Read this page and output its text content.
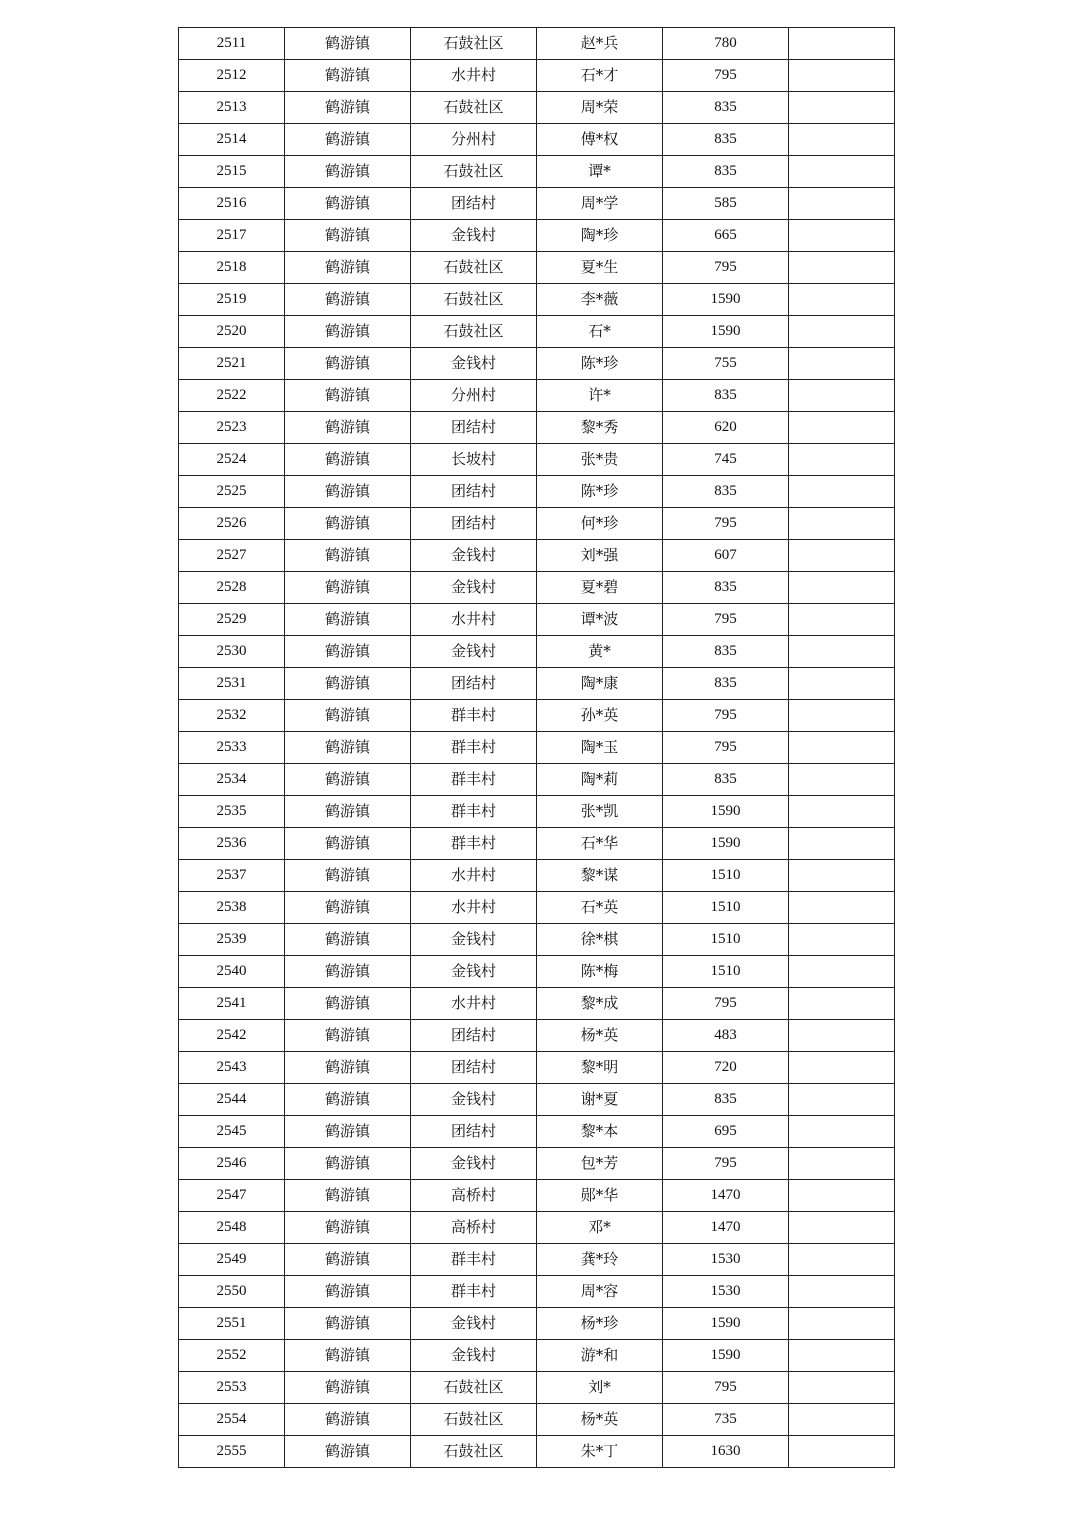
2511	鹤游镇	石鼓社区	赵*兵	780	
2512	鹤游镇	水井村	石*才	795	
2513	鹤游镇	石鼓社区	周*荣	835	
2514	鹤游镇	分州村	傅*权	835	
2515	鹤游镇	石鼓社区	谭*	835	
2516	鹤游镇	团结村	周*学	585	
2517	鹤游镇	金钱村	陶*珍	665	
2518	鹤游镇	石鼓社区	夏*生	795	
2519	鹤游镇	石鼓社区	李*薇	1590	
2520	鹤游镇	石鼓社区	石*	1590	
2521	鹤游镇	金钱村	陈*珍	755	
2522	鹤游镇	分州村	许*	835	
2523	鹤游镇	团结村	黎*秀	620	
2524	鹤游镇	长坡村	张*贵	745	
2525	鹤游镇	团结村	陈*珍	835	
2526	鹤游镇	团结村	何*珍	795	
2527	鹤游镇	金钱村	刘*强	607	
2528	鹤游镇	金钱村	夏*碧	835	
2529	鹤游镇	水井村	谭*波	795	
2530	鹤游镇	金钱村	黄*	835	
2531	鹤游镇	团结村	陶*康	835	
2532	鹤游镇	群丰村	孙*英	795	
2533	鹤游镇	群丰村	陶*玉	795	
2534	鹤游镇	群丰村	陶*莉	835	
2535	鹤游镇	群丰村	张*凯	1590	
2536	鹤游镇	群丰村	石*华	1590	
2537	鹤游镇	水井村	黎*谋	1510	
2538	鹤游镇	水井村	石*英	1510	
2539	鹤游镇	金钱村	徐*棋	1510	
2540	鹤游镇	金钱村	陈*梅	1510	
2541	鹤游镇	水井村	黎*成	795	
2542	鹤游镇	团结村	杨*英	483	
2543	鹤游镇	团结村	黎*明	720	
2544	鹤游镇	金钱村	谢*夏	835	
2545	鹤游镇	团结村	黎*本	695	
2546	鹤游镇	金钱村	包*芳	795	
2547	鹤游镇	高桥村	郧*华	1470	
2548	鹤游镇	高桥村	邓*	1470	
2549	鹤游镇	群丰村	龚*玲	1530	
2550	鹤游镇	群丰村	周*容	1530	
2551	鹤游镇	金钱村	杨*珍	1590	
2552	鹤游镇	金钱村	游*和	1590	
2553	鹤游镇	石鼓社区	刘*	795	
2554	鹤游镇	石鼓社区	杨*英	735	
2555	鹤游镇	石鼓社区	朱*丁	1630	
